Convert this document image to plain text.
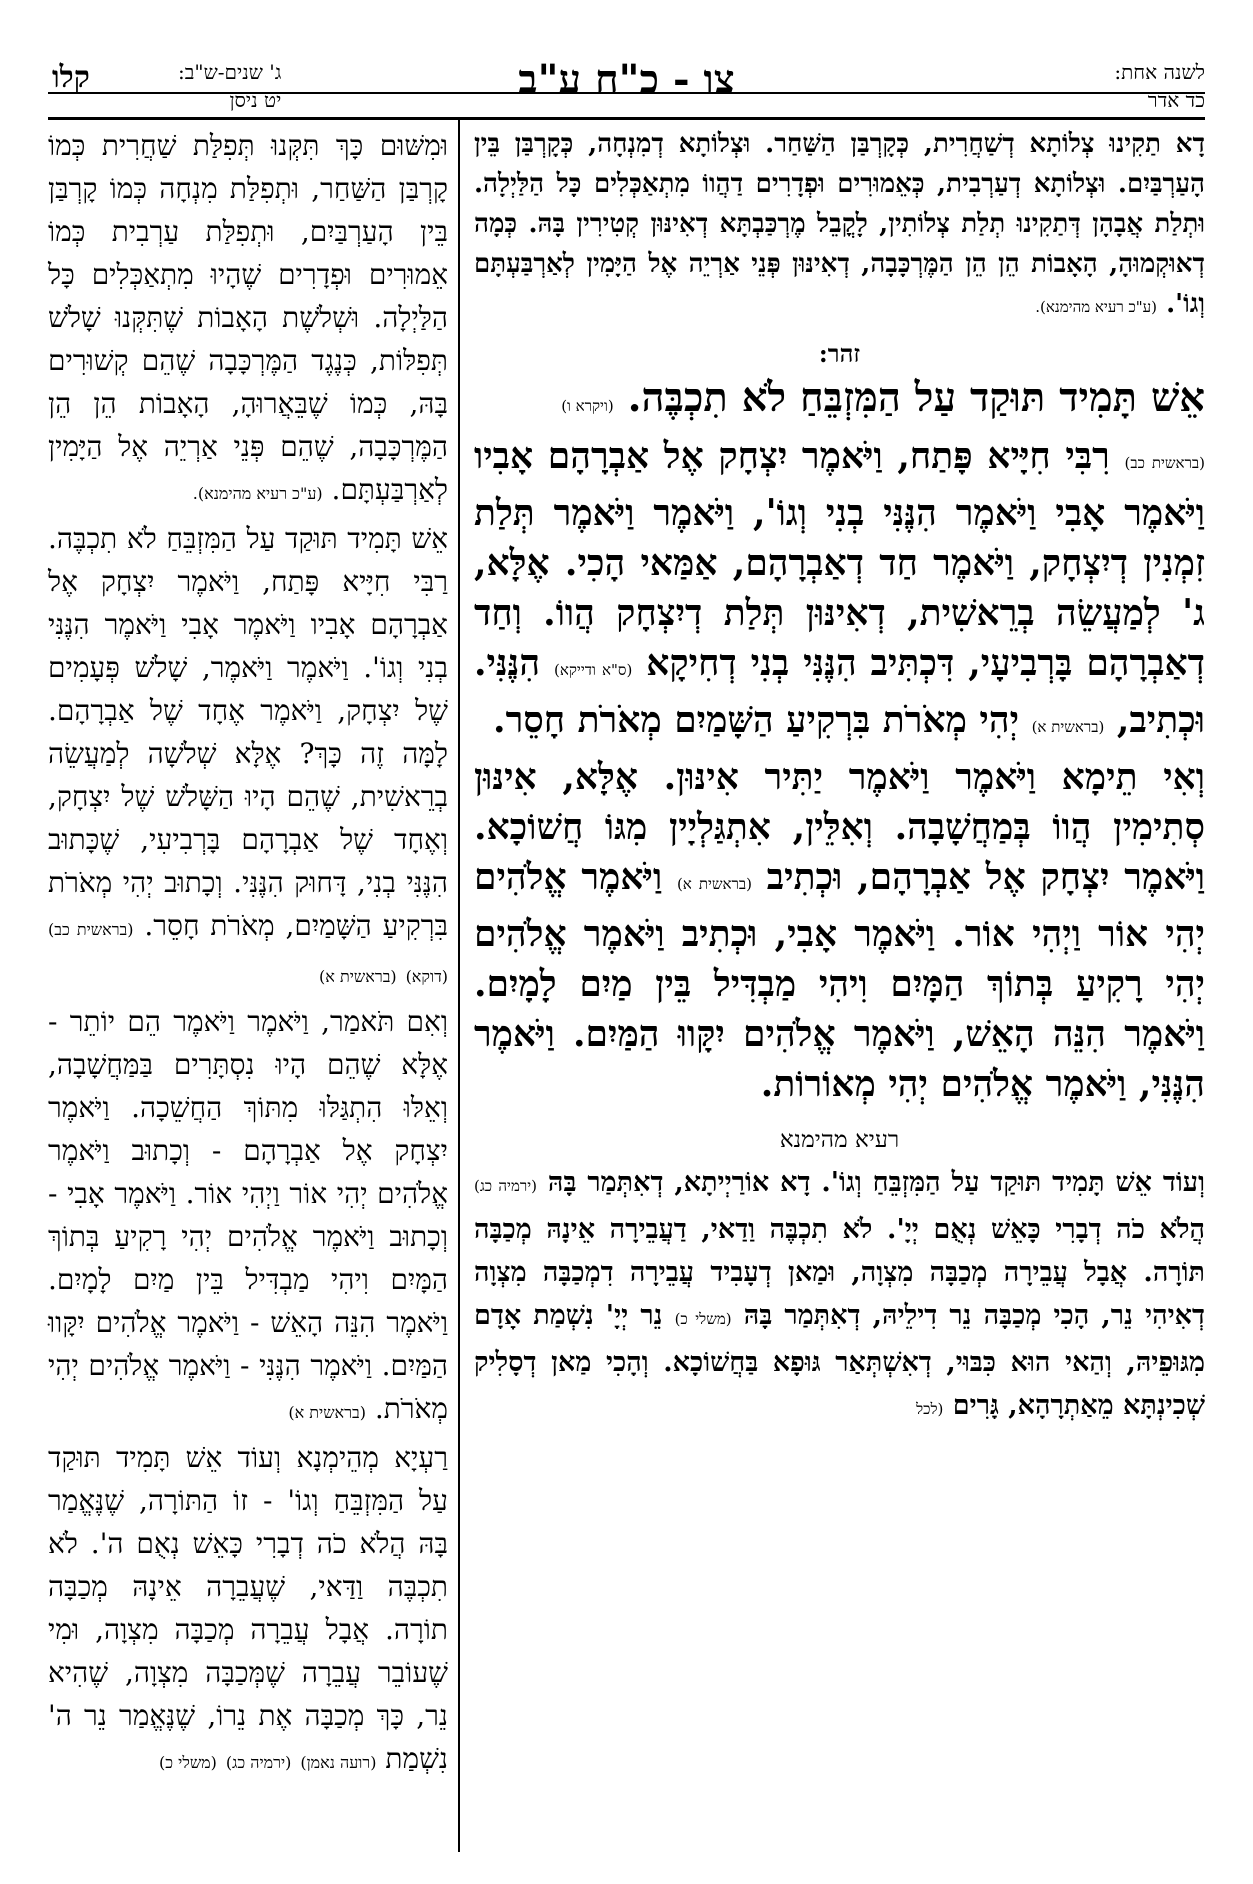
לשנה אחת:
כד אדר
צו - כ"ח ע"ב
ג' שנים-ש"ב:
יט ניסן
קלו

דָא תַקִינוּ צְלוֹתָא דְשַׁחֲרִית, כְּקָרְבַּן הַשַּׁחַר. וּצְלוֹתָא דְמִנְחָה, כְּקָרְבַּן בֵּין הָעַרְבַּיִם. וּצְלוֹתָא דְעַרְבִית, כְּאֵמוּרִים וּפְדָרִים דַהֲווֹ מִתְאַכְּלִים כָּל הַלַּיְלָה. וּתְלַת אֲבָהָן דְּתַקִינוּ תְלַת צְלוֹתִין, לָקֳבֵל מֶרְכַּבְתָּא דְאִינּוּן קְטִירִין בָּהּ. כְּמָה דְאוּקְמוּהָ, הָאָבוֹת הֵן הֵן הַמֶּרְכָּבָה, דְאִינּוּן פְּנֵי אַרְיֵה אֶל הַיָּמִין לְאַרְבַּעְתָּם וְגוֹ'. (ע"כ רעיא מהימנא).

זהר:

אֵשׁ תָּמִיד תּוּקַד עַל הַמִּזְבֵּחַ לֹא תִכְבֶּה. (ויקרא ו)

(בראשית כב) רִבִּי חִיָּיא פָּתַח, וַיֹּאמֶר יִצְחָק אֶל אַבְרָהָם אָבִיו וַיֹּאמֶר אָבִי וַיֹּאמֶר הִנֶּנִּי בְנִי וְגוֹ', וַיֹּאמֶר וַיֹּאמֶר תְּלַת זִמְנִין דְיִצְחָק, וַיֹּאמֶר חַד דְאַבְרָהָם, אַמַּאי הָכִי. אֶלָּא, ג' לְמַעֲשֵׂה בְרֵאשִׁית, דְאִינּוּן תְּלַת דְיִצְחָק הֲווֹ. וְחַד דְאַבְרָהָם בָּרְבִיעָי, דִּכְתִּיב הִנֶּנִּי בְנִי דְחִיקָא (ס"א ודייקא) הִנֶּנִּי. וּכְתִיב, (בראשית א) יְהִי מְאֹרֹת בִּרְקִיעַ הַשָּׁמַיִם מְאֹרֹת חָסֵר.

וְאִי תֵימָא וַיֹּאמֶר וַיֹּאמֶר יַתִּיר אִינּוּן. אֶלָּא, אִינּוּן סְתִימִין הֲווֹ בְּמַחֲשָׁבָה. וְאִלֵּין, אִתְגַּלְיָין מִגּוֹ חֲשׁוֹכָא. וַיֹּאמֶר יִצְחָק אֶל אַבְרָהָם, וּכְתִיב (בראשית א) וַיֹּאמֶר אֱלֹהִים יְהִי אוֹר וַיְהִי אוֹר. וַיֹּאמֶר אָבִי, וּכְתִיב וַיֹּאמֶר אֱלֹהִים יְהִי רָקִיעַ בְּתוֹךְ הַמָּיִם וִיהִי מַבְדִּיל בֵּין מַיִם לָמָיִם. וַיֹּאמֶר הִנֵּה הָאֵשׁ, וַיֹּאמֶר אֱלֹהִים יִקָּווּ הַמַּיִם. וַיֹּאמֶר הִנֶּנִּי, וַיֹּאמֶר אֱלֹהִים יְהִי מְאוֹרוֹת.

רעיא מהימנא

וְעוֹד אֵשׁ תָּמִיד תּוּקַד עַל הַמִּזְבֵּחַ וְגוֹ'. דָא אוֹרַיְיתָא, דְאִתְּמַר בָּהּ (ירמיה כג) הֲלֹא כֹה דְבָרִי כָּאֵשׁ נְאֻם יְיָ'. לֹא תִכְבֶּה וַדַאי, דַעֲבֵירָה אֵינָהּ מְכַבָּה תּוֹרָה. אֲבָל עֲבֵירָה מְכַבָּה מִצְוָה, וּמַאן דְעָבִיד עֲבֵירָה דִמְכַבָּה מִצְוָה דְאִיהִי נֵר, הָכִי מְכַבָּה נֵר דִילֵיהּ, דְאִתְּמַר בָּהּ (משלי כ) נֵר יְיָ' נִשְׁמַת אָדָם מִגּוּפֵיהּ, וְהַאי הוּא כִּבּוּי, דְאִשְׁתְּאַר גּוּפָא בַּחֲשׁוֹכָא. וְהָכִי מַאן דְסָלִיק שְׁכִינְתָּא מֵאַתְרָהָא, גָּרִים (לכל

וּמִשּׁוּם כָּךְ תִּקְּנוּ תְּפִלַּת שַׁחֲרִית כְּמוֹ קָרְבַּן הַשַּׁחַר, וּתְפִלַּת מִנְחָה כְּמוֹ קָרְבַּן בֵּין הָעַרְבַּיִם, וּתְפִלַּת עַרְבִית כְּמוֹ אֵמוּרִים וּפְדָרִים שֶׁהָיוּ מִתְאַכְּלִים כָּל הַלַּיְלָה. וּשְׁלֹשֶׁת הָאָבוֹת שֶׁתִּקְּנוּ שָׁלֹשׁ תְּפִלּוֹת, כְּנֶגֶד הַמֶּרְכָּבָה שֶׁהֵם קְשׁוּרִים בָּהּ, כְּמוֹ שֶׁבֵּאֲרוּהָ, הָאָבוֹת הֵן הֵן הַמֶּרְכָּבָה, שֶׁהֵם פְּנֵי אַרְיֵה אֶל הַיָּמִין לְאַרְבַּעְתָּם. (ע"כ רעיא מהימנא).

אֵשׁ תָּמִיד תּוּקַד עַל הַמִּזְבֵּחַ לֹא תִכְבֶּה. רַבִּי חִיָּיא פָּתַח, וַיֹּאמֶר יִצְחָק אֶל אַבְרָהָם אָבִיו וַיֹּאמֶר אָבִי וַיֹּאמֶר הִנֶּנִּי בְנִי וְגוֹ'. וַיֹּאמֶר וַיֹּאמֶר, שָׁלֹשׁ פְּעָמִים שֶׁל יִצְחָק, וַיֹּאמֶר אֶחָד שֶׁל אַבְרָהָם. לָמָּה זֶה כָּךְ? אֶלָּא שְׁלֹשָׁה לְמַעֲשֵׂה בְרֵאשִׁית, שֶׁהֵם הָיוּ הַשָּׁלֹשׁ שֶׁל יִצְחָק, וְאֶחָד שֶׁל אַבְרָהָם בָּרְבִיעִי, שֶׁכָּתוּב הִנֶּנִּי בְנִי, דָּחוּק הִנֶּנִּי. וְכָתוּב יְהִי מְאֹרֹת בִּרְקִיעַ הַשָּׁמַיִם, מְאֹרֹת חָסֵר. (בראשית כב) (דוקא) (בראשית א)

וְאִם תֹּאמַר, וַיֹּאמֶר וַיֹּאמֶר הֵם יוֹתֵר - אֶלָּא שֶׁהֵם הָיוּ נִסְתָּרִים בַּמַּחֲשָׁבָה, וְאֵלּוּ הִתְגַּלּוּ מִתּוֹךְ הַחֲשֵׁכָה. וַיֹּאמֶר יִצְחָק אֶל אַבְרָהָם - וְכָתוּב וַיֹּאמֶר אֱלֹהִים יְהִי אוֹר וַיְהִי אוֹר. וַיֹּאמֶר אָבִי - וְכָתוּב וַיֹּאמֶר אֱלֹהִים יְהִי רָקִיעַ בְּתוֹךְ הַמָּיִם וִיהִי מַבְדִּיל בֵּין מַיִם לָמָיִם. וַיֹּאמֶר הִנֵּה הָאֵשׁ - וַיֹּאמֶר אֱלֹהִים יִקָּווּ הַמַּיִם. וַיֹּאמֶר הִנֶּנִּי - וַיֹּאמֶר אֱלֹהִים יְהִי מְאֹרֹת. (בראשית א)

רַעְיָא מְהֵימְנָא וְעוֹד אֵשׁ תָּמִיד תּוּקַד עַל הַמִּזְבֵּחַ וְגוֹ' - זוֹ הַתּוֹרָה, שֶׁנֶּאֱמַר בָּהּ הֲלֹא כֹה דְבָרִי כָּאֵשׁ נְאֻם ה'. לֹא תִכְבֶּה וַדַּאי, שֶׁעֲבֵרָה אֵינָהּ מְכַבָּה תוֹרָה. אֲבָל עֲבֵרָה מְכַבָּה מִצְוָה, וּמִי שֶׁעוֹבֵר עֲבֵרָה שֶׁמְּכַבָּה מִצְוָה, שֶׁהִיא נֵר, כָּךְ מְכַבָּה אֶת נֵרוֹ, שֶׁנֶּאֱמַר נֵר ה' נִשְׁמַת (רועה נאמן) (ירמיה כג) (משלי כ)
